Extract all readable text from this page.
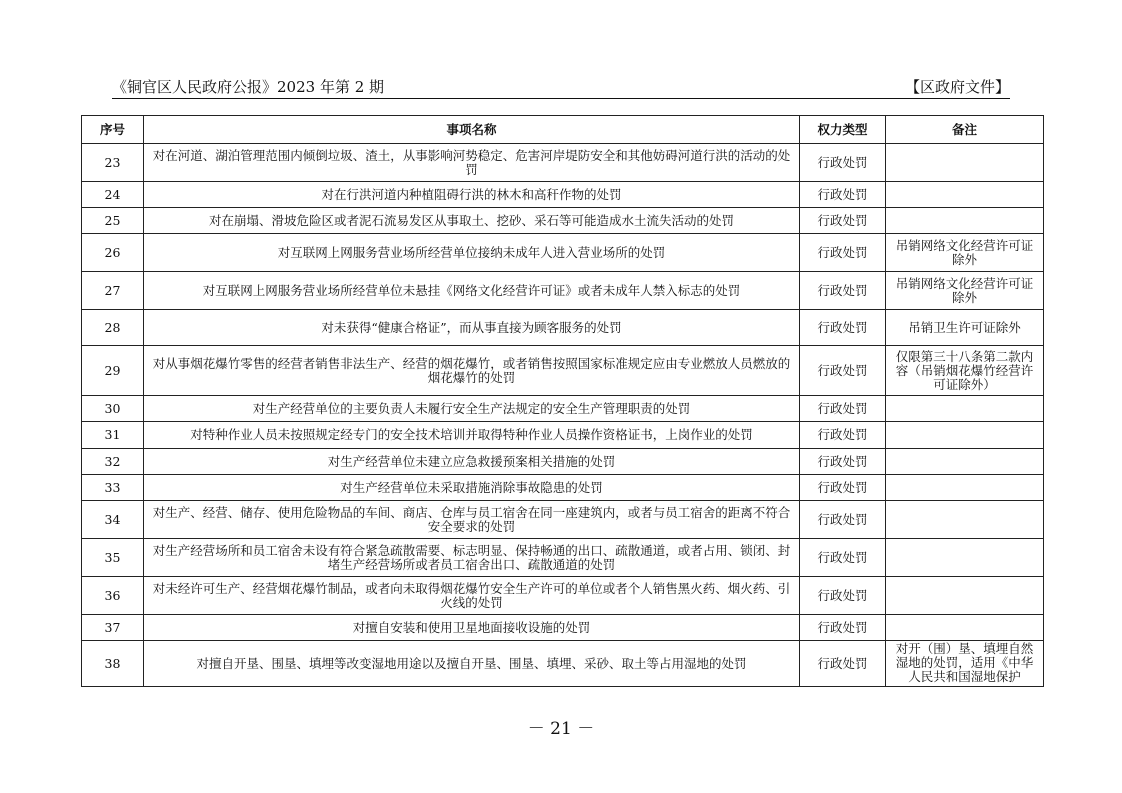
《铜官区人民政府公报》2023 年第 2 期	【区政府文件】
序号	事项名称	权力类型	备注
23	对在河道、湖泊管理范围内倾倒垃圾、渣土，从事影响河势稳定、危害河岸堤防安全和其他妨碍河道行洪的活动的处罚	行政处罚	
24	对在行洪河道内种植阻碍行洪的林木和高秆作物的处罚	行政处罚	
25	对在崩塌、滑坡危险区或者泥石流易发区从事取土、挖砂、采石等可能造成水土流失活动的处罚	行政处罚	
26	对互联网上网服务营业场所经营单位接纳未成年人进入营业场所的处罚	行政处罚	吊销网络文化经营许可证除外
27	对互联网上网服务营业场所经营单位未悬挂《网络文化经营许可证》或者未成年人禁入标志的处罚	行政处罚	吊销网络文化经营许可证除外
28	对未获得“健康合格证”，而从事直接为顾客服务的处罚	行政处罚	吊销卫生许可证除外
29	对从事烟花爆竹零售的经营者销售非法生产、经营的烟花爆竹，或者销售按照国家标准规定应由专业燃放人员燃放的烟花爆竹的处罚	行政处罚	仅限第三十八条第二款内容（吊销烟花爆竹经营许可证除外）
30	对生产经营单位的主要负责人未履行安全生产法规定的安全生产管理职责的处罚	行政处罚	
31	对特种作业人员未按照规定经专门的安全技术培训并取得特种作业人员操作资格证书，上岗作业的处罚	行政处罚	
32	对生产经营单位未建立应急救援预案相关措施的处罚	行政处罚	
33	对生产经营单位未采取措施消除事故隐患的处罚	行政处罚	
34	对生产、经营、储存、使用危险物品的车间、商店、仓库与员工宿舍在同一座建筑内，或者与员工宿舍的距离不符合安全要求的处罚	行政处罚	
35	对生产经营场所和员工宿舍未设有符合紧急疏散需要、标志明显、保持畅通的出口、疏散通道，或者占用、锁闭、封堵生产经营场所或者员工宿舍出口、疏散通道的处罚	行政处罚	
36	对未经许可生产、经营烟花爆竹制品，或者向未取得烟花爆竹安全生产许可的单位或者个人销售黑火药、烟火药、引火线的处罚	行政处罚	
37	对擅自安装和使用卫星地面接收设施的处罚	行政处罚	
38	对擅自开垦、围垦、填埋等改变湿地用途以及擅自开垦、围垦、填埋、采砂、取土等占用湿地的处罚	行政处罚	对开（围）垦、填埋自然湿地的处罚，适用《中华人民共和国湿地保护
－ 21 －
